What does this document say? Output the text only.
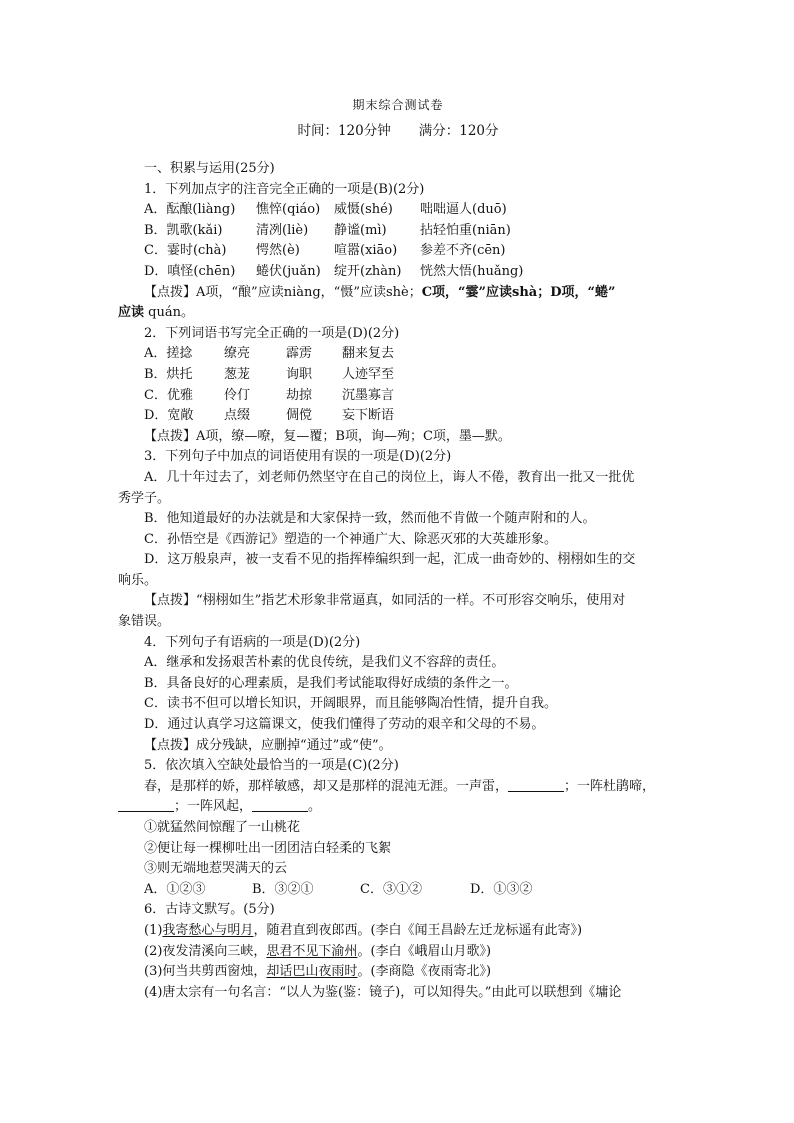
期末综合测试卷
时间：120分钟 满分：120分
一、积累与运用(25分)
1．下列加点字的注音完全正确的一项是(B)(2分)
A．酝酿(liàng)	憔悴(qiáo)	威慑(shé)	咄咄逼人(duō)
B．凯歌(kǎi)	清冽(liè)	静谧(mì)	拈轻怕重(niān)
C．霎时(chà)	愕然(è)	喧嚣(xiāo)	参差不齐(cēn)
D．嗔怪(chēn)	蜷伏(juǎn)	绽开(zhàn)	恍然大悟(huǎng)
【点拨】A项，“酿”应读niàng，“慑”应读shè；C项，“霎”应读shà；D项，“蜷”
应读 quán。
2．下列词语书写完全正确的一项是(D)(2分)
A．搓捻	缭亮	霹雳	翻来复去
B．烘托	葱茏	询职	人迹罕至
C．优雅	伶仃	劫掠	沉墨寡言
D．宽敞	点缀	倜傥	妄下断语
【点拨】A项，缭—嘹，复—覆；B项，询—殉；C项，墨—默。
3．下列句子中加点的词语使用有误的一项是(D)(2分)
A．几十年过去了，刘老师仍然坚守在自己的岗位上，诲人不倦，教育出一批又一批优
秀学子。
B．他知道最好的办法就是和大家保持一致，然而他不肯做一个随声附和的人。
C．孙悟空是《西游记》塑造的一个神通广大、除恶灭邪的大英雄形象。
D．这万般泉声，被一支看不见的指挥棒编织到一起，汇成一曲奇妙的、栩栩如生的交
响乐。
【点拨】“栩栩如生”指艺术形象非常逼真，如同活的一样。不可形容交响乐，使用对
象错误。
4．下列句子有语病的一项是(D)(2分)
A．继承和发扬艰苦朴素的优良传统，是我们义不容辞的责任。
B．具备良好的心理素质，是我们考试能取得好成绩的条件之一。
C．读书不但可以增长知识，开阔眼界，而且能够陶冶性情，提升自我。
D．通过认真学习这篇课文，使我们懂得了劳动的艰辛和父母的不易。
【点拨】成分残缺，应删掉“通过”或“使”。
5．依次填入空缺处最恰当的一项是(C)(2分)
春，是那样的娇，那样敏感，却又是那样的混沌无涯。一声雷，	；一阵杜鹃啼，
；一阵风起，	。
①就猛然间惊醒了一山桃花
②便让每一棵柳吐出一团团洁白轻柔的飞絮
③则无端地惹哭满天的云
A．①②③	B．③②①	C．③①②	D．①③②
6．古诗文默写。(5分)
(1)我寄愁心与明月，随君直到夜郎西。(李白《闻王昌龄左迁龙标遥有此寄》)
(2)夜发清溪向三峡，思君不见下渝州。(李白《峨眉山月歌》)
(3)何当共剪西窗烛，却话巴山夜雨时。(李商隐《夜雨寄北》)
(4)唐太宗有一句名言：“以人为鉴(鉴：镜子)，可以知得失。”由此可以联想到《墉论
